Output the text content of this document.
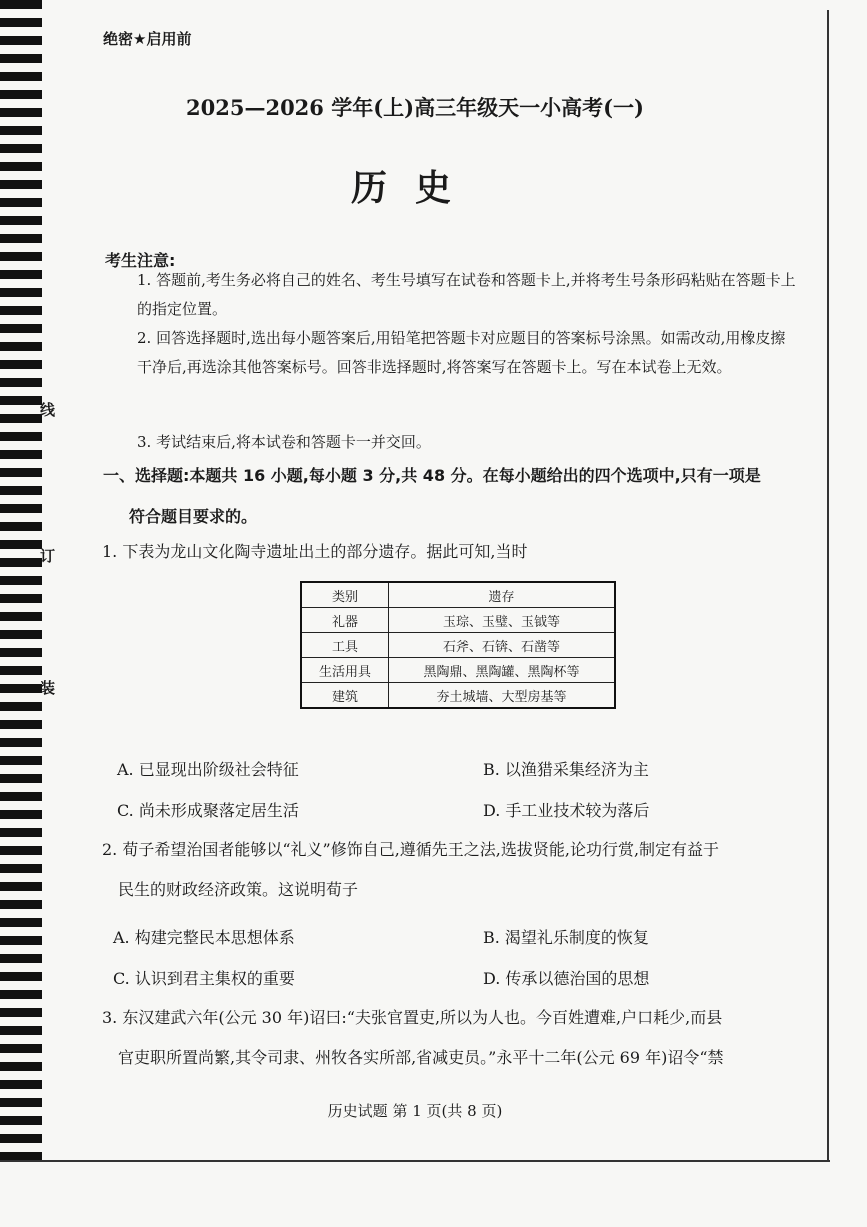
线
订
装
绝密★启用前
2025—2026 学年(上)高三年级天一小高考(一)
历史
考生注意:
1. 答题前,考生务必将自己的姓名、考生号填写在试卷和答题卡上,并将考生号条形码粘贴在答题卡上的指定位置。
2. 回答选择题时,选出每小题答案后,用铅笔把答题卡对应题目的答案标号涂黑。如需改动,用橡皮擦干净后,再选涂其他答案标号。回答非选择题时,将答案写在答题卡上。写在本试卷上无效。
3. 考试结束后,将本试卷和答题卡一并交回。
一、选择题:本题共 16 小题,每小题 3 分,共 48 分。在每小题给出的四个选项中,只有一项是
符合题目要求的。
1. 下表为龙山文化陶寺遗址出土的部分遗存。据此可知,当时
类别	遗存
礼器	玉琮、玉璧、玉钺等
工具	石斧、石锛、石凿等
生活用具	黑陶鼎、黑陶罐、黑陶杯等
建筑	夯土城墙、大型房基等
A. 已显现出阶级社会特征	B. 以渔猎采集经济为主
C. 尚未形成聚落定居生活	D. 手工业技术较为落后
2. 荀子希望治国者能够以“礼义”修饰自己,遵循先王之法,选拔贤能,论功行赏,制定有益于
民生的财政经济政策。这说明荀子
A. 构建完整民本思想体系	B. 渴望礼乐制度的恢复
C. 认识到君主集权的重要	D. 传承以德治国的思想
3. 东汉建武六年(公元 30 年)诏曰:“夫张官置吏,所以为人也。今百姓遭难,户口耗少,而县
官吏职所置尚繁,其令司隶、州牧各实所部,省减吏员。”永平十二年(公元 69 年)诏令“禁
历史试题 第 1 页(共 8 页)
